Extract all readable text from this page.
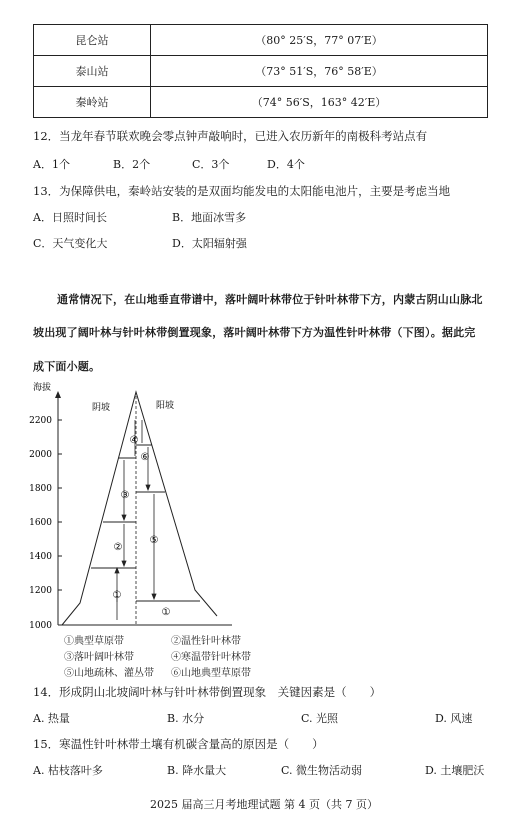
昆仑站	（80° 25′S，77° 07′E）
泰山站	（73° 51′S，76° 58′E）
秦岭站	（74° 56′S，163° 42′E）
12．当龙年春节联欢晚会零点钟声敲响时，已进入农历新年的南极科考站点有
A．1个	B．2个	C．3个	D．4个
13．为保障供电，秦岭站安装的是双面均能发电的太阳能电池片，主要是考虑当地
A．日照时间长	B．地面冰雪多
C．天气变化大	D．太阳辐射强
通常情况下，在山地垂直带谱中，落叶阔叶林带位于针叶林带下方，内蒙古阴山山脉北
坡出现了阔叶林与针叶林带倒置现象，落叶阔叶林带下方为温性针叶林带（下图）。据此完
成下面小题。
海拔
2200
2000
1800
1600
1400
1200
1000
阴坡	阳坡
①
②
③
④
①
⑤
⑥
①典型草原带	②温性针叶林带
③落叶阔叶林带	④寒温带针叶林带
⑤山地疏林、灌丛带 ⑥山地典型草原带
14．形成阴山北坡阔叶林与针叶林带倒置现象　关键因素是（　　）
A. 热量	B. 水分	C. 光照	D. 风速
15．寒温性针叶林带土壤有机碳含量高的原因是（　　）
A. 枯枝落叶多	B. 降水量大	C. 微生物活动弱	D. 土壤肥沃
2025 届高三月考地理试题 第 4 页（共 7 页）
